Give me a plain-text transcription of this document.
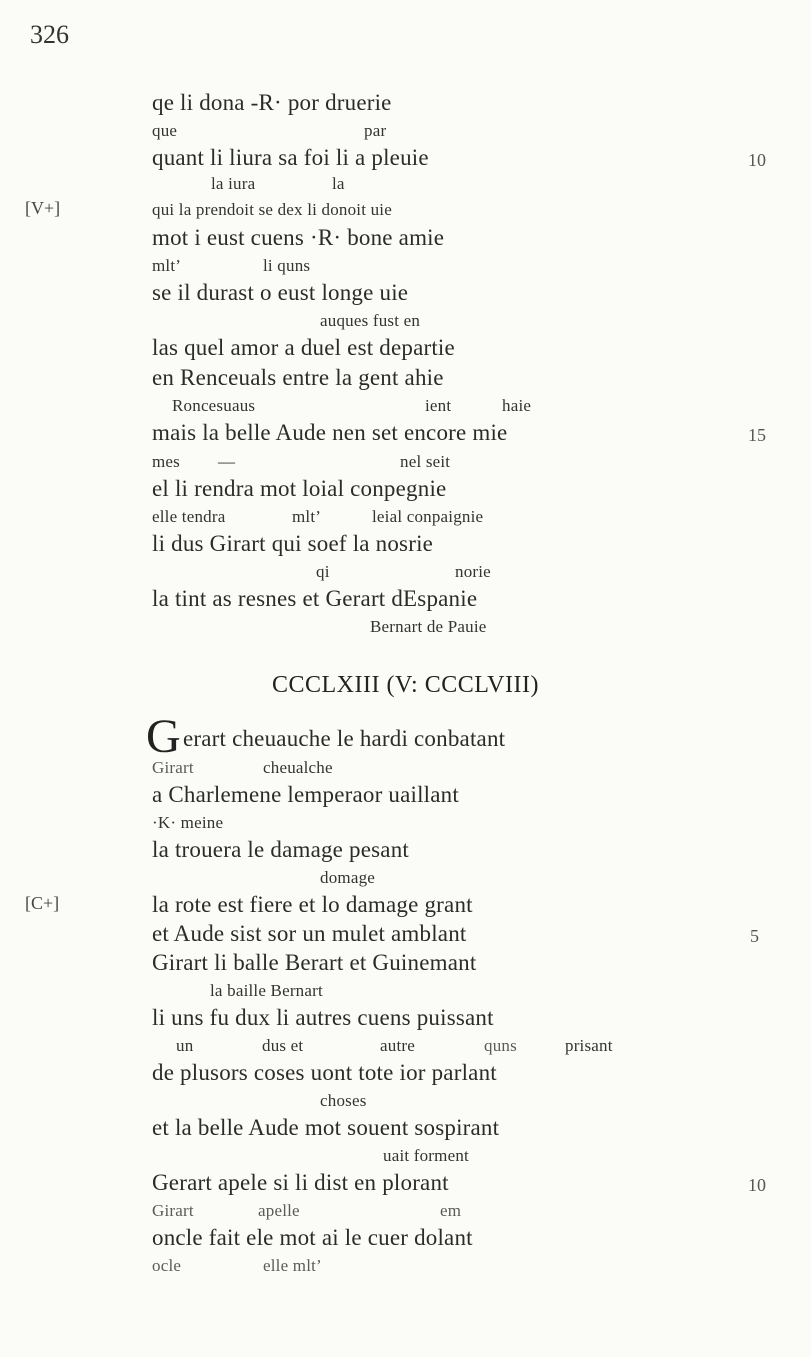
326
qe li dona -R· por druerie
que	par
quant li liura sa foi li a pleuie	10
la iura	la
[V+]	qui la prendoit se dex li donoit uie
mot i eust cuens ·R· bone amie
mlt’	li quns
se il durast o eust longe uie
auques fust en
las quel amor a duel est departie
en Renceuals entre la gent ahie
Roncesuaus	ient	haie
mais la belle Aude nen set encore mie	15
mes —	nel seit
el li rendra mot loial conpegnie
elle tendra	mlt’	leial conpaignie
li dus Girart qui soef la nosrie
qi	norie
la tint as resnes et Gerart dEspanie
Bernart de Pauie
CCCLXIII (V: CCCLVIII)
G erart cheuauche le hardi conbatant
Girart	cheualche
a Charlemene lemperaor uaillant
·K· meine
la trouera le damage pesant
domage
[C+]	la rote est fiere et lo damage grant
et Aude sist sor un mulet amblant	5
Girart li balle Berart et Guinemant
la baille Bernart
li uns fu dux li autres cuens puissant
un	dus et	autre	quns	prisant
de plusors coses uont tote ior parlant
choses
et la belle Aude mot souent sospirant
uait forment
Gerart apele si li dist en plorant	10
Girart	apelle	em
oncle fait ele mot ai le cuer dolant
ocle	elle mlt’
